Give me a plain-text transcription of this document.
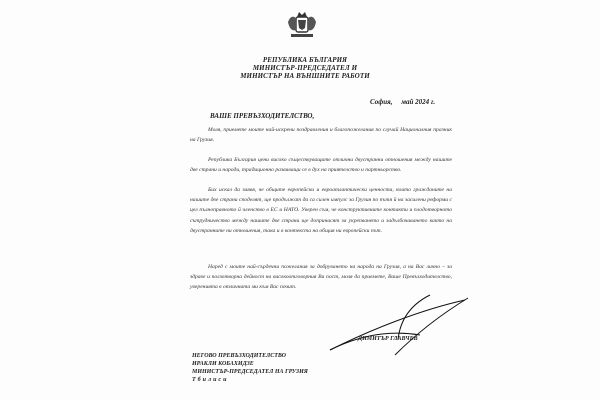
РЕПУБЛИКА БЪЛГАРИЯ
МИНИСТЪР-ПРЕДСЕДАТЕЛ И
МИНИСТЪР НА ВЪНШНИТЕ РАБОТИ
София,     май 2024 г.
ВАШЕ ПРЕВЪЗХОДИТЕЛСТВО,
Моля, приемете моите най-искрени поздравления и благопожелания по случай Националния празник на Грузия.
Република България цени високо съществуващите отлични двустранни отношения между нашите две страни и народи, традиционно развиващи се в дух на приятелство и партньорство.
Бих искал да заявя, че общите европейски и евроатлантически ценности, които гражданите на нашите две страни споделят, ще продължат да са силен импулс за Грузия по пътя й на засилени реформи с цел пълноправното й членство в ЕС и НАТО. Уверен съм, че конструктивните контакти и плодотворното сътрудничество между нашите две страни ще допринасят за укрепването и задълбочаването както на двустранните ни отношения, така и в контекста на общия ни европейски път.
Наред с моите най-сърдечни пожелания за добруването на народа на Грузия, а на Вас лично – за здраве и ползотворна дейност на високоотговорния Ви пост, моля да приемете, Ваше Превъзходителство, уверенията в отличната ми към Вас почит.
ДИМИТЪР ГЛАВЧЕВ
НЕГОВО ПРЕВЪЗХОДИТЕЛСТВО
ИРАКЛИ КОБАХИДЗЕ
МИНИСТЪР-ПРЕДСЕДАТЕЛ НА ГРУЗИЯ
Тбилиси
